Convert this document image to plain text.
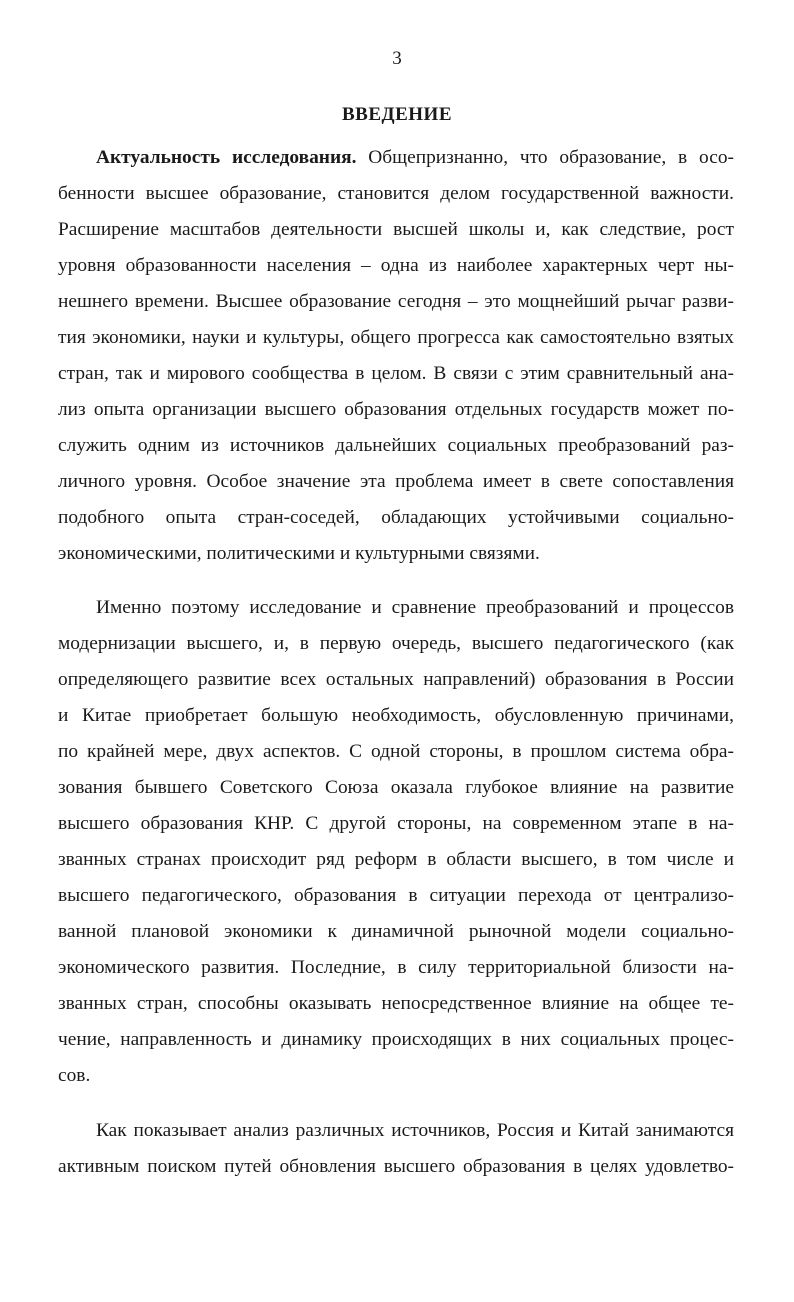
3
ВВЕДЕНИЕ
Актуальность исследования. Общепризнанно, что образование, в осо-
бенности высшее образование, становится делом государственной важности.
Расширение масштабов деятельности высшей школы и, как следствие, рост
уровня образованности населения – одна из наиболее характерных черт ны-
нешнего времени. Высшее образование сегодня – это мощнейший рычаг разви-
тия экономики, науки и культуры, общего прогресса как самостоятельно взятых
стран, так и мирового сообщества в целом. В связи с этим сравнительный ана-
лиз опыта организации высшего образования отдельных государств может по-
служить одним из источников дальнейших социальных преобразований раз-
личного уровня. Особое значение эта проблема имеет в свете сопоставления
подобного опыта стран-соседей, обладающих устойчивыми социально-
экономическими, политическими и культурными связями.
Именно поэтому исследование и сравнение преобразований и процессов
модернизации высшего, и, в первую очередь, высшего педагогического (как
определяющего развитие всех остальных направлений) образования в России
и Китае приобретает большую необходимость, обусловленную причинами,
по крайней мере, двух аспектов. С одной стороны, в прошлом система обра-
зования бывшего Советского Союза оказала глубокое влияние на развитие
высшего образования КНР. С другой стороны, на современном этапе в на-
званных странах происходит ряд реформ в области высшего, в том числе и
высшего педагогического, образования в ситуации перехода от централизо-
ванной плановой экономики к динамичной рыночной модели социально-
экономического развития. Последние, в силу территориальной близости на-
званных стран, способны оказывать непосредственное влияние на общее те-
чение, направленность и динамику происходящих в них социальных процес-
сов.
Как показывает анализ различных источников, Россия и Китай занимаются
активным поиском путей обновления высшего образования в целях удовлетво-
